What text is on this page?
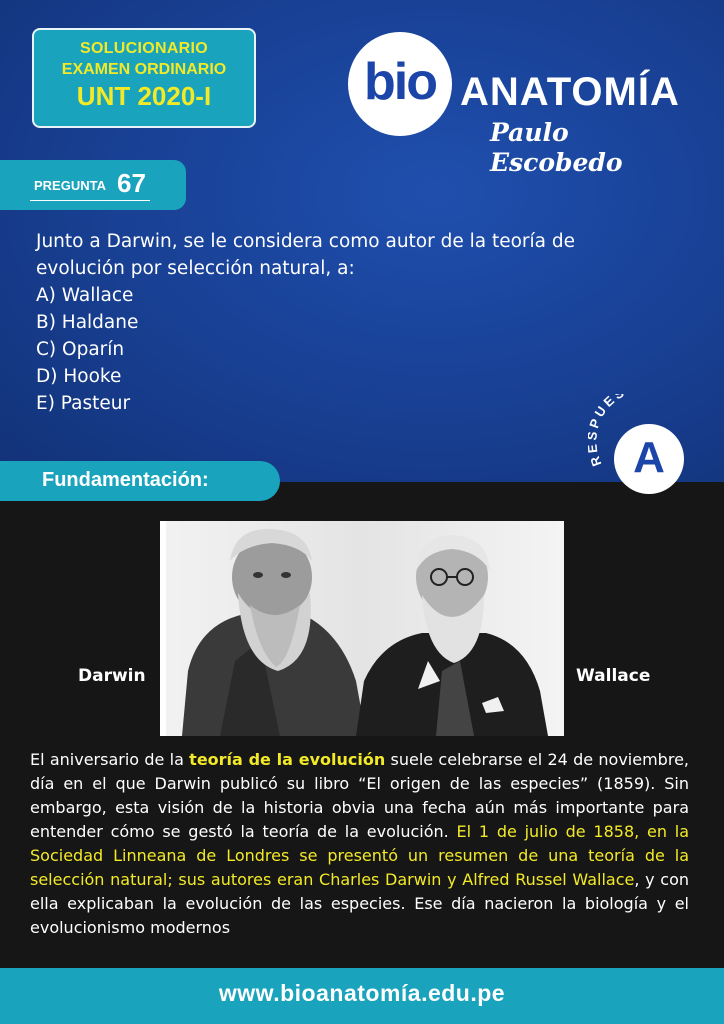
SOLUCIONARIO
EXAMEN ORDINARIO
UNT 2020-I	bio ANATOMÍA
Paulo Escobedo
PREGUNTA 67
Junto a Darwin, se le considera como autor de la teoría de
evolución por selección natural, a:
A) Wallace
B) Haldane
C) Oparín
D) Hooke
E) Pasteur
PUE
A
Fundamentación:
Darwin	Wallace
El aniversario de la teoría de la evolución suele celebrarse el 24 de noviembre, día en el que Darwin publicó su libro “El origen de las especies” (1859). Sin embargo, esta visión de la historia obvia una fecha aún más importante para entender cómo se gestó la teoría de la evolución. El 1 de julio de 1858, en la Sociedad Linneana de Londres se presentó un resumen de una teoría de la selección natural; sus autores eran Charles Darwin y Alfred Russel Wallace, y con ella explicaban la evolución de las especies. Ese día nacieron la biología y el evolucionismo modernos
www.bioanatomía.edu.pe
